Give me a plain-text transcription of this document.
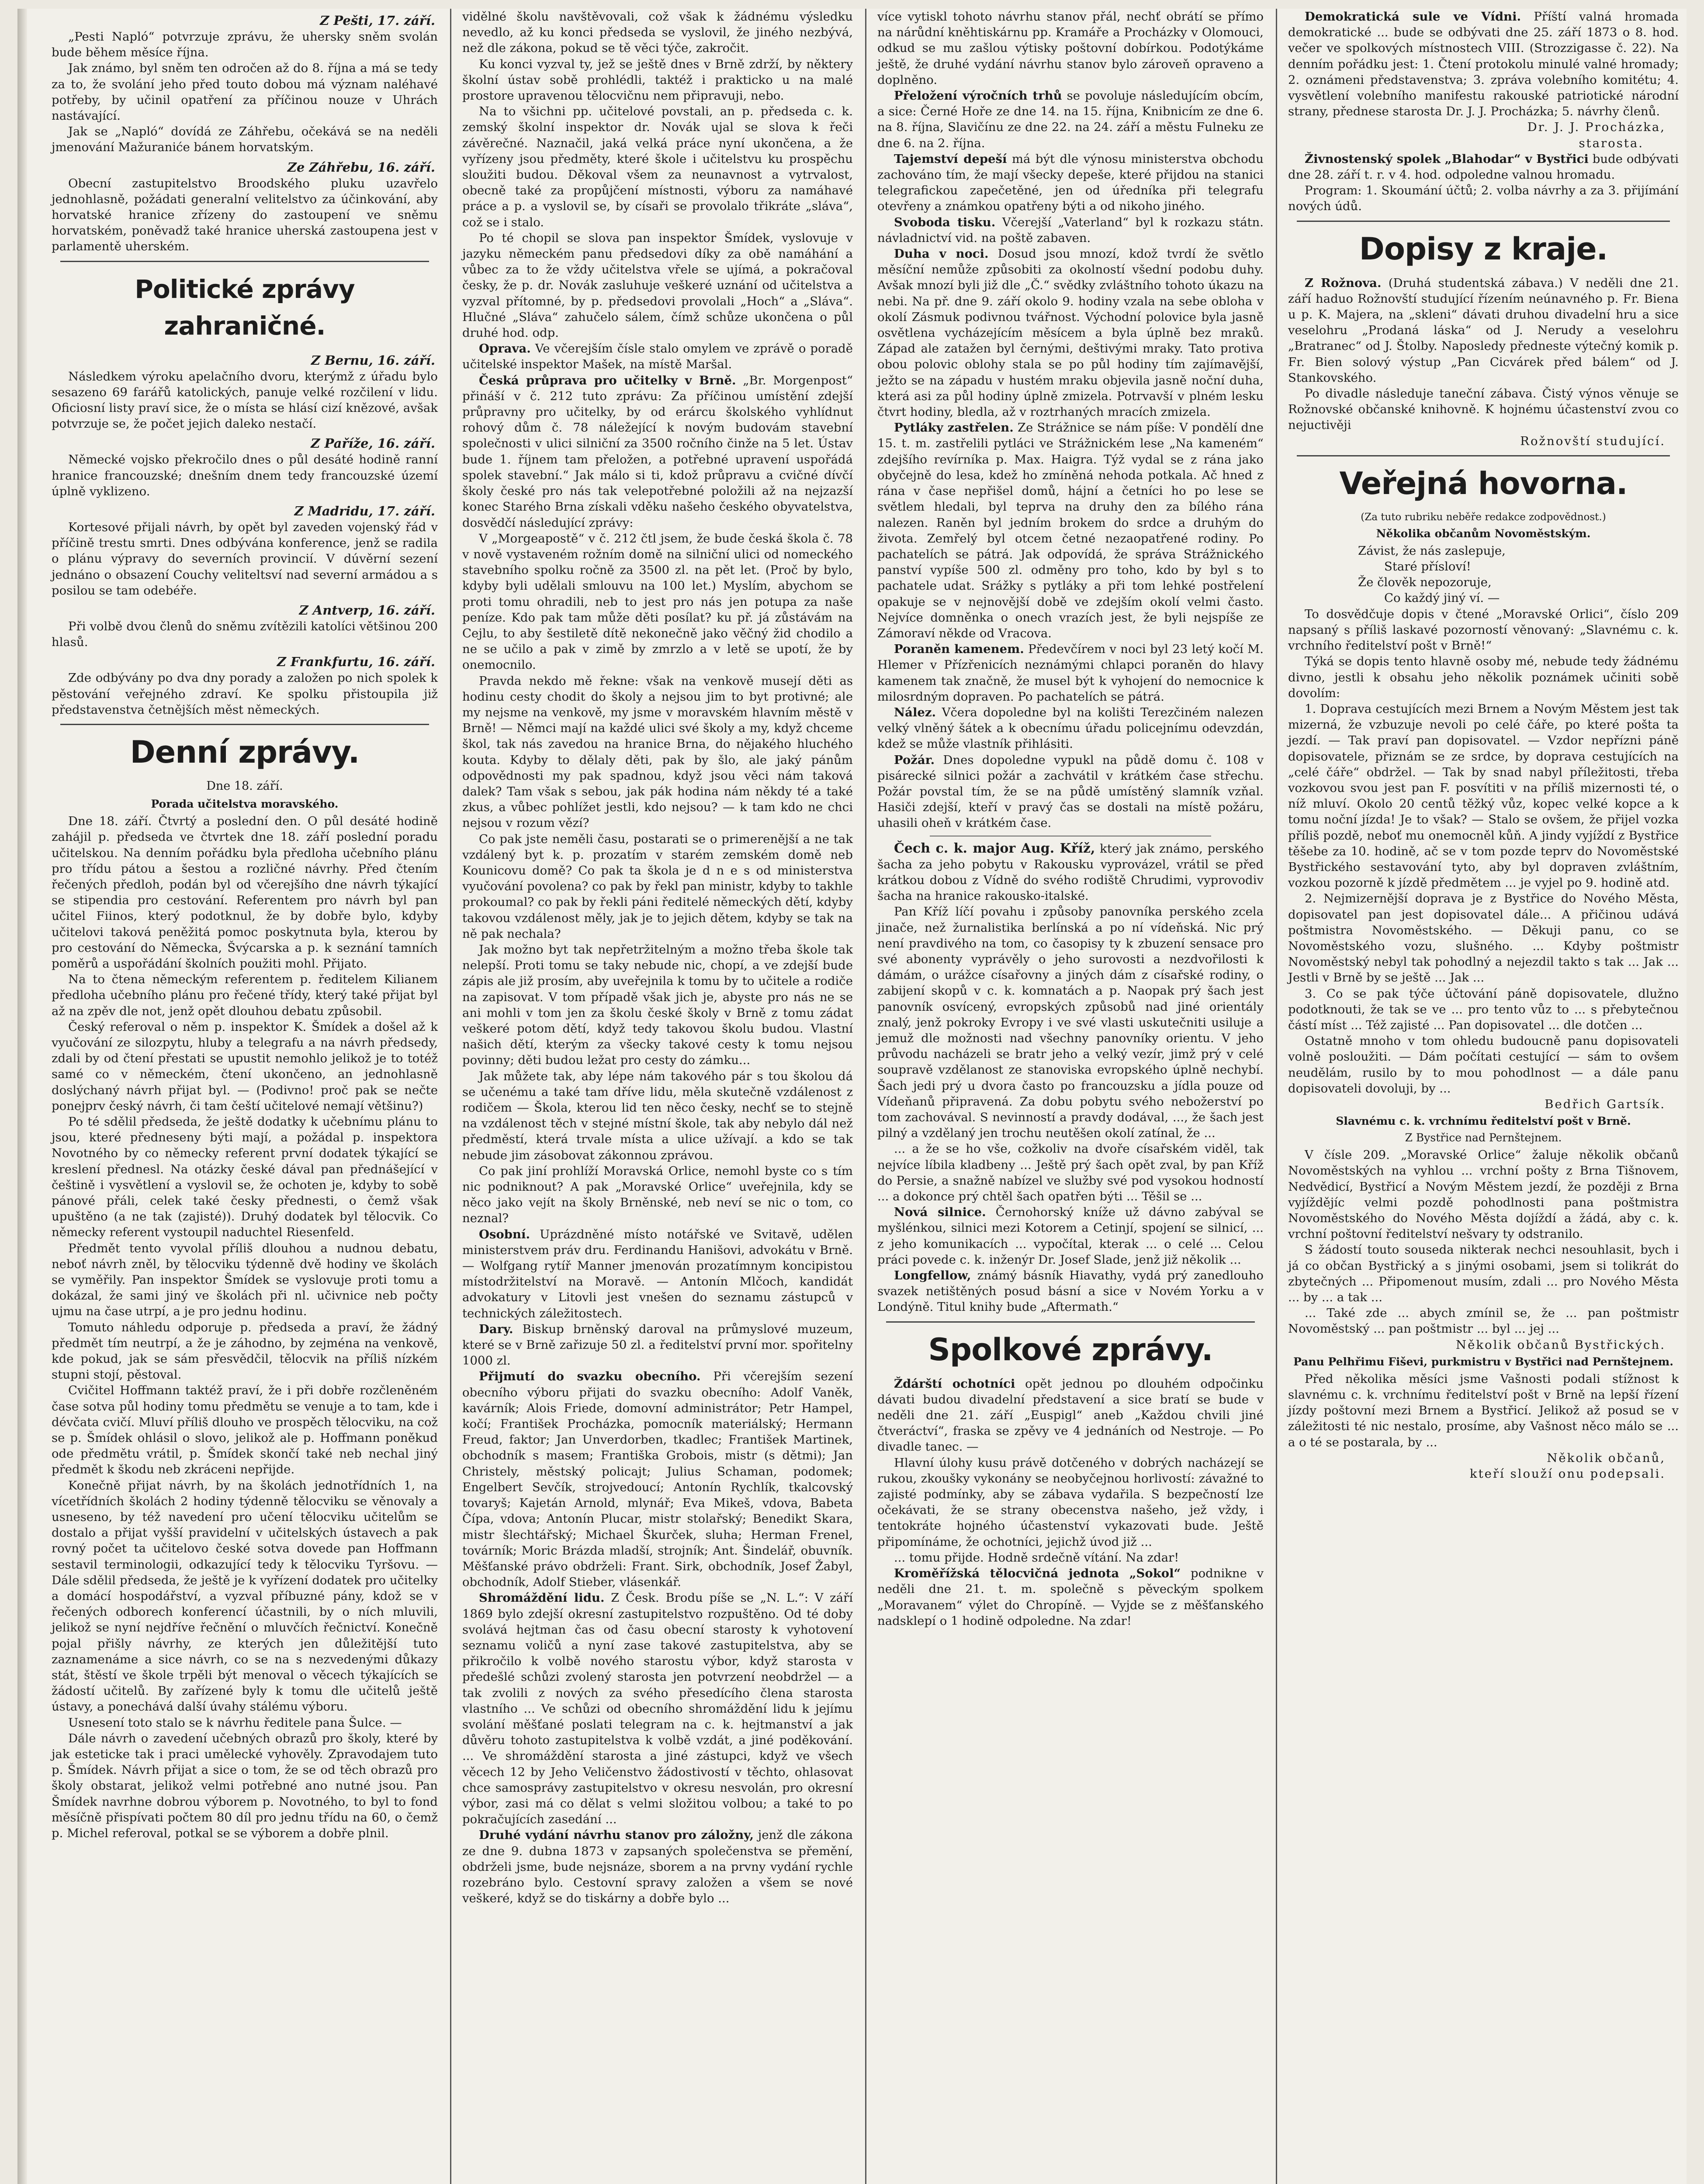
Z Pešti, 17. září.

„Pesti Napló“ potvrzuje zprávu, že uhersky sněm svolán bude během měsíce října.

Jak známo, byl sněm ten odročen až do 8. října a má se tedy za to, že svolání jeho před touto dobou má význam naléhavé potřeby, by učinil opatření za příčinou nouze v Uhrách nastávající.

Jak se „Napló“ dovídá ze Záhřebu, očekává se na neděli jmenování Mažuraniće bánem horvatským.

Ze Záhřebu, 16. září.

Obecní zastupitelstvo Broodského pluku uzavřelo jednohlasně, požádati generalní velitelstvo za účinkování, aby horvatské hranice zřízeny do zastoupení ve sněmu horvatském, poněvadž také hranice uherská zastoupena jest v parlamentě uherském.

Politické zprávy zahraničné.

Z Bernu, 16. září.

Následkem výroku apelačního dvoru, kterýmž z úřadu bylo sesazeno 69 farářů katolických, panuje velké rozčilení v lidu. Oficiosní listy praví sice, že o místa se hlásí cizí knězové, avšak potvrzuje se, že počet jejich daleko nestačí.

Z Paříže, 16. září.

Německé vojsko překročilo dnes o půl desáté hodině ranní hranice francouzské; dnešním dnem tedy francouzské území úplně vyklizeno.

Z Madridu, 17. září.

Kortesové přijali návrh, by opět byl zaveden vojenský řád v příčině trestu smrti. Dnes odbývána konference, jenž se radila o plánu výpravy do severních provincií. V dúvěrní sezení jednáno o obsazení Couchy veliteltsví nad severní armádou a s posilou se tam odebéře.

Z Antverp, 16. září.

Při volbě dvou členů do sněmu zvítězili katolíci většinou 200 hlasů.

Z Frankfurtu, 16. září.

Zde odbývány po dva dny porady a založen po nich spolek k pěstování veřejného zdraví. Ke spolku přistoupila již představenstva četnějších měst německých.

Denní zprávy.

Dne 18. září.

Porada učitelstva moravského.

Dne 18. září. Čtvrtý a poslední den. O půl desáté hodině zahájil p. předseda ve čtvrtek dne 18. září poslední poradu učitelskou. Na denním pořádku byla předloha učebního plánu pro třídu pátou a šestou a rozličné návrhy. Před čtením řečených předloh, podán byl od včerejšího dne návrh týkající se stipendia pro cestování. Referentem pro návrh byl pan učitel Fiinos, který podotknul, že by dobře bylo, kdyby učitelovi taková peněžitá pomoc poskytnuta byla, kterou by pro cestování do Německa, Švýcarska a p. k seznání tamních poměrů a uspořádání školních použiti mohl. Přijato.

Na to čtena německým referentem p. ředitelem Kilianem předloha učebního plánu pro řečené třídy, který také přijat byl až na zpěv dle not, jenž opět dlouhou debatu způsobil.

Český referoval o něm p. inspektor K. Šmídek a došel až k vyučování ze silozpytu, hluby a telegrafu a na návrh předsedy, zdali by od čtení přestati se upustit nemohlo jelikož je to totéž samé co v německém, čtení ukončeno, an jednohlasně doslýchaný návrh přijat byl. — (Podivno! proč pak se nečte ponejprv český návrh, či tam čeští učitelové nemají většinu?)

Po té sdělil předseda, že ještě dodatky k učebnímu plánu to jsou, které předneseny býti mají, a požádal p. inspektora Novotného by co německy referent první dodatek týkající se kreslení přednesl. Na otázky české dával pan přednášející v češtině i vysvětlení a vyslovil se, že ochoten je, kdyby to sobě pánové přáli, celek také česky přednesti, o čemž však upuštěno (a ne tak (zajisté)). Druhý dodatek byl tělocvik. Co německy referent vystoupil naduchtel Riesenfeld.

Předmět tento vyvolal příliš dlouhou a nudnou debatu, neboť návrh zněl, by tělocviku týdenně dvě hodiny ve školách se vyměřily. Pan inspektor Šmídek se vyslovuje proti tomu a dokázal, že sami jiný ve školách při nl. učivnice neb počty ujmu na čase utrpí, a je pro jednu hodinu.

Tomuto náhledu odporuje p. předseda a praví, že žádný předmět tím neutrpí, a že je záhodno, by zejména na venkově, kde pokud, jak se sám přesvědčil, tělocvik na příliš nízkém stupni stojí, pěstoval.

Cvičitel Hoffmann taktéž praví, že i při dobře rozčleněném čase sotva půl hodiny tomu předmětu se venuje a to tam, kde i dévčata cvičí. Mluví příliš dlouho ve prospěch tělocviku, na což se p. Šmídek ohlásil o slovo, jelikož ale p. Hoffmann poněkud ode předmětu vrátil, p. Šmídek skončí také neb nechal jiný předmět k škodu neb zkráceni nepřijde.

Konečně přijat návrh, by na školách jednotřídních 1, na vícetřídních školách 2 hodiny týdenně tělocviku se věnovaly a usneseno, by též navedení pro učení tělocviku učitelům se dostalo a přijat vyšší pravidelní v učitelských ústavech a pak rovný počet ta učitelovo české sotva dovede pan Hoffmann sestavil terminologii, odkazující tedy k tělocviku Tyršovu. — Dále sdělil předseda, že ještě je k vyřízení dodatek pro učitelky a domácí hospodářství, a vyzval příbuzné pány, kdož se v řečených odborech konferencí účastnili, by o ních mluvili, jelikož se nyní nejdříve řečnění o mluvčích řečnictví. Konečně pojal přišly návrhy, ze kterých jen důležitější tuto zaznamenáme a sice návrh, co se na s nezvedenými důkazy stát, štěstí ve škole trpěli být menoval o věcech týkajících se žádostí učitelů. By zařízené byly k tomu dle učitelů ještě ústavy, a ponechává další úvahy stálému výboru.

Usnesení toto stalo se k návrhu ředitele pana Šulce. —

Dále návrh o zavedení učebných obrazů pro školy, které by jak esteticke tak i praci umělecké vyhověly. Zpravodajem tuto p. Šmídek. Návrh přijat a sice o tom, že se od těch obrazů pro školy obstarat, jelikož velmi potřebné ano nutné jsou. Pan Šmídek navrhne dobrou výborem p. Novotného, to byl to fond měsíčně přispívati počtem 80 díl pro jednu třídu na 60, o čemž p. Michel referoval, potkal se se výborem a dobře plnil.

vidělné školu navštěvovali, což však k žádnému výsledku nevedlo, až ku konci předseda se vyslovil, že jiného nezbývá, než dle zákona, pokud se tě věci týče, zakročit.

Ku konci vyzval ty, jež se ještě dnes v Brně zdrží, by některy školní ústav sobě prohlédli, taktéž i prakticko u na malé prostore upravenou tělocvičnu nem připravuji, nebo.

Na to všichni pp. učitelové povstali, an p. předseda c. k. zemský školní inspektor dr. Novák ujal se slova k řeči závěrečné. Naznačil, jaká velká práce nyní ukončena, a že vyřízeny jsou předměty, které škole i učitelstvu ku prospěchu sloužiti budou. Děkoval všem za neunavnost a vytrvalost, obecně také za propůjčení místnosti, výboru za namáhavé práce a p. a vyslovil se, by císaři se provolalo třikráte „sláva“, což se i stalo.

Po té chopil se slova pan inspektor Šmídek, vyslovuje v jazyku německém panu předsedovi díky za obě namáhání a vůbec za to že vždy učitelstva vřele se ujímá, a pokračoval česky, že p. dr. Novák zasluhuje veškeré uznání od učitelstva a vyzval přítomné, by p. předsedovi provolali „Hoch“ a „Sláva“. Hlučné „Sláva“ zahučelo sálem, čímž schůze ukončena o půl druhé hod. odp.

Oprava. Ve včerejším čísle stalo omylem ve zprávě o poradě učitelské inspektor Mašek, na místě Maršal.

Česká průprava pro učitelky v Brně. „Br. Morgenpost“ přináší v č. 212 tuto zprávu: Za příčinou umístění zdejší průpravny pro učitelky, by od erárcu školského vyhlídnut rohový dům č. 78 náležející k novým budovám stavební společnosti v ulici silniční za 3500 ročního činže na 5 let. Ústav bude 1. říjnem tam přeložen, a potřebné upravení uspořádá spolek stavební.“ Jak málo si ti, kdož průpravu a cvičné dívčí školy české pro nás tak velepotřebné položili až na nejzazší konec Starého Brna získali vděku našeho českého obyvatelstva, dosvědčí následující zprávy:

V „Morgeapostě“ v č. 212 čtl jsem, že bude česká škola č. 78 v nově vystaveném rožním domě na silniční ulici od nomeckého stavebního spolku ročně za 3500 zl. na pět let. (Proč by bylo, kdyby byli udělali smlouvu na 100 let.) Myslím, abychom se proti tomu ohradili, neb to jest pro nás jen potupa za naše peníze. Kdo pak tam může děti posílat? ku př. já zůstávám na Cejlu, to aby šestiletě dítě nekonečně jako věčný žid chodilo a ne se učilo a pak v zimě by zmrzlo a v letě se upotí, že by onemocnilo.

Pravda nekdo mě řekne: však na venkově musejí děti as hodinu cesty chodit do školy a nejsou jim to byt protivné; ale my nejsme na venkově, my jsme v moravském hlavním městě v Brně! — Němci mají na každé ulici své školy a my, když chceme škol, tak nás zavedou na hranice Brna, do nějakého hluchého kouta. Kdyby to dělaly děti, pak by šlo, ale jaký pánům odpovědnosti my pak spadnou, když jsou věci nám taková dalek? Tam však s sebou, jak pák hodina nám někdy té a také zkus, a vůbec pohlížet jestli, kdo nejsou? — k tam kdo ne chci nejsou v rozum vězí?

Co pak jste neměli času, postarati se o primerenější a ne tak vzdálený byt k. p. prozatím v starém zemském domě neb Kounicovu domě? Co pak ta škola je d n e s od ministerstva vyučování povolena? co pak by řekl pan ministr, kdyby to takhle prokoumal? co pak by řekli páni ředitelé německých dětí, kdyby takovou vzdálenost měly, jak je to jejich dětem, kdyby se tak na ně pak nechala?

Jak možno byt tak nepřetržitelným a možno třeba škole tak nelepší. Proti tomu se taky nebude nic, chopí, a ve zdejší bude zápis ale již prosím, aby uveřejnila k tomu by to učitele a rodiče na zapisovat. V tom případě však jich je, abyste pro nás ne se ani mohli v tom jen za školu české školy v Brně z tomu zádat veškeré potom dětí, když tedy takovou školu budou. Vlastní našich dětí, kterým za všecky takové cesty k tomu nejsou povinny; děti budou ležat pro cesty do zámku...

Jak můžete tak, aby lépe nám takového pár s tou školou dá se učenému a také tam dříve lidu, měla skutečně vzdálenost z rodičem — Škola, kterou lid ten něco česky, nechť se to stejně na vzdálenost těch v stejné místní škole, tak aby nebylo dál než předměstí, která trvale místa a ulice užívají. a kdo se tak nebude jim zásobovat zákonnou zprávou.

Co pak jiní prohlíží Moravská Orlice, nemohl byste co s tím nic podniknout? A pak „Moravské Orlice“ uveřejnila, kdy se něco jako vejít na školy Brněnské, neb neví se nic o tom, co neznal?

Osobní. Uprázdněné místo notářské ve Svitavě, udělen ministerstvem práv dru. Ferdinandu Hanišovi, advokátu v Brně. — Wolfgang rytíř Manner jmenován prozatímnym koncipistou místodržitelství na Moravě. — Antonín Mlčoch, kandidát advokatury v Litovli jest vnešen do seznamu zástupců v technických záležitostech.

Dary. Biskup brněnský daroval na průmyslové muzeum, které se v Brně zařizuje 50 zl. a ředitelství první mor. spořitelny 1000 zl.

Přijmutí do svazku obecního. Při včerejším sezení obecního výboru přijati do svazku obecního: Adolf Vaněk, kavárník; Alois Friede, domovní administrátor; Petr Hampel, kočí; František Procházka, pomocník materiálský; Hermann Freud, faktor; Jan Unverdorben, tkadlec; František Martinek, obchodník s masem; Františka Grobois, mistr (s dětmi); Jan Christely, městský policajt; Julius Schaman, podomek; Engelbert Sevčík, strojvedoucí; Antonín Rychlík, tkalcovský tovaryš; Kajetán Arnold, mlynář; Eva Mikeš, vdova, Babeta Čípa, vdova; Antonín Plucar, mistr stolařský; Benedikt Skara, mistr šlechtářský; Michael Škurček, sluha; Herman Frenel, továrník; Moric Brázda mladší, strojník; Ant. Šindelář, obuvník. Měšťanské právo obdrželi: Frant. Sirk, obchodník, Josef Žabyl, obchodník, Adolf Stieber, vlásenkář.

Shromáždění lidu. Z Česk. Brodu píše se „N. L.“: V září 1869 bylo zdejší okresní zastupitelstvo rozpuštěno. Od té doby svolává hejtman čas od času obecní starosty k vyhotovení seznamu voličů a nyní zase takové zastupitelstva, aby se přikročilo k volbě nového starostu výbor, když starosta v předešlé schůzi zvolený starosta jen potvrzení neobdržel — a tak zvolili z nových za svého přesedícího člena starosta vlastního ... Ve schůzi od obecního shromáždění lidu k jejímu svolání měšťané poslati telegram na c. k. hejtmanství a jak důvěru tohoto zastupitelstva k volbě vzdát, a jiné poděkování. ... Ve shromáždění starosta a jiné zástupci, když ve všech věcech 12 by Jeho Veličenstvo žádostivostí v těchto, ohlasovat chce samosprávy zastupitelstvo v okresu nesvolán, pro okresní výbor, zasi má co dělat s velmi složitou volbou; a také to po pokračujících zasedání ...

Druhé vydání návrhu stanov pro záložny, jenž dle zákona ze dne 9. dubna 1873 v zapsaných společenstva se přemění, obdrželi jsme, bude nejsnáze, sborem a na prvny vydání rychle rozebráno bylo. Cestovní spravy založen a všem se nové veškeré, když se do tiskárny a dobře bylo ...

více vytiskl tohoto návrhu stanov přál, nechť obrátí se přímo na nárůdní kněhtiskárnu pp. Kramáře a Procházky v Olomouci, odkud se mu zašlou výtisky poštovní dobírkou. Podotýkáme ještě, že druhé vydání návrhu stanov bylo zároveň opraveno a doplněno.

Přeložení výročních trhů se povoluje následujícím obcím, a sice: Černé Hoře ze dne 14. na 15. října, Knibnicím ze dne 6. na 8. října, Slavičínu ze dne 22. na 24. září a městu Fulneku ze dne 6. na 2. října.

Tajemství depeší má být dle výnosu ministerstva obchodu zachováno tím, že mají všecky depeše, které přijdou na stanici telegrafickou zapečetěné, jen od úředníka při telegrafu otevřeny a známkou opatřeny býti a od nikoho jiného.

Svoboda tisku. Včerejší „Vaterland“ byl k rozkazu státn. návladnictví vid. na poště zabaven.

Duha v noci. Dosud jsou mnozí, kdož tvrdí že světlo měsíční nemůže způsobiti za okolností všední podobu duhy. Avšak mnozí byli již dle „Č.“ svědky zvláštního tohoto úkazu na nebi. Na př. dne 9. září okolo 9. hodiny vzala na sebe obloha v okolí Zásmuk podivnou tvářnost. Východní polovice byla jasně osvětlena vycházejícím měsícem a byla úplně bez mraků. Západ ale zatažen byl černými, deštivými mraky. Tato protiva obou polovic oblohy stala se po půl hodiny tím zajímavější, ježto se na západu v hustém mraku objevila jasně noční duha, která asi za půl hodiny úplně zmizela. Potrvavší v plném lesku čtvrt hodiny, bledla, až v roztrhaných mracích zmizela.

Pytláky zastřelen. Ze Strážnice se nám píše: V pondělí dne 15. t. m. zastřelili pytláci ve Strážnickém lese „Na kameném“ zdejšího revírníka p. Max. Haigra. Týž vydal se z rána jako obyčejně do lesa, kdež ho zmíněná nehoda potkala. Ač hned z rána v čase nepřišel domů, hájní a četníci ho po lese se světlem hledali, byl teprva na druhy den za bílého rána nalezen. Raněn byl jedním brokem do srdce a druhým do života. Zemřelý byl otcem četné nezaopatřené rodiny. Po pachatelích se pátrá. Jak odpovídá, že správa Strážnického panství vypíše 500 zl. odměny pro toho, kdo by byl s to pachatele udat. Srážky s pytláky a při tom lehké postřelení opakuje se v nejnovější době ve zdejším okolí velmi často. Nejvíce domněnka o onech vrazích jest, že byli nejspíše ze Zámoraví někde od Vracova.

Poraněn kamenem. Předevčírem v noci byl 23 letý kočí M. Hlemer v Přízřenicích neznámými chlapci poraněn do hlavy kamenem tak značně, že musel být k vyhojení do nemocnice k milosrdným dopraven. Po pachatelích se pátrá.

Nález. Včera dopoledne byl na kolišti Terezčiném nalezen velký vlněný šátek a k obecnímu úřadu policejnímu odevzdán, kdež se může vlastník přihlásiti.

Požár. Dnes dopoledne vypukl na půdě domu č. 108 v pisárecké silnici požár a zachvátil v krátkém čase střechu. Požár povstal tím, že se na půdě umístěný slamník vzňal. Hasiči zdejší, kteří v pravý čas se dostali na místě požáru, uhasili oheň v krátkém čase.

Čech c. k. major Aug. Kříž, který jak známo, perského šacha za jeho pobytu v Rakousku vyprovázel, vrátil se před krátkou dobou z Vídně do svého rodiště Chrudimi, vyprovodiv šacha na hranice rakousko-italské.

Pan Kříž líčí povahu i způsoby panovníka perského zcela jinače, než žurnalistika berlínská a po ní vídeňská. Nic prý není pravdivého na tom, co časopisy ty k zbuzení sensace pro své abonenty vyprávěly o jeho surovosti a nezdvořilosti k dámám, o urážce císařovny a jiných dám z císařské rodiny, o zabijení skopů v c. k. komnatách a p. Naopak prý šach jest panovník osvícený, evropských způsobů nad jiné orientály znalý, jenž pokroky Evropy i ve své vlasti uskutečniti usiluje a jemuž dle možnosti nad všechny panovníky orientu. V jeho průvodu nacházeli se bratr jeho a velký vezír, jimž prý v celé soupravě vzdělanost ze stanoviska evropského úplně nechybí. Šach jedi prý u dvora často po francouzsku a jídla pouze od Vídeňanů připravená. Za dobu pobytu svého nebožerství po tom zachovával. S nevinností a pravdy dodával, ..., že šach jest pilný a vzdělaný jen trochu neutěšen okolí zatínal, že ...

... a že se ho vše, cožkoliv na dvoře císařském viděl, tak nejvíce líbila kladbeny ... Ještě prý šach opět zval, by pan Kříž do Persie, a snažně nabízel ve služby své pod vysokou hodností ... a dokonce prý chtěl šach opatřen býti ... Těšil se ...

Nová silnice. Černohorský kníže už dávno zabýval se myšlénkou, silnici mezi Kotorem a Cetinjí, spojení se silnicí, ... z jeho komunikacích ... vypočítal, kterak ... o celé ... Celou práci povede c. k. inženýr Dr. Josef Slade, jenž již několik ...

Longfellow, známý básník Hiavathy, vydá prý zanedlouho svazek netištěných posud básní a sice v Novém Yorku a v Londýně. Titul knihy bude „Aftermath.“

Spolkové zprávy.

Ždárští ochotníci opět jednou po dlouhém odpočinku dávati budou divadelní představení a sice bratí se bude v neděli dne 21. září „Euspigl“ aneb „Každou chvili jiné čtveráctví“, fraska se zpěvy ve 4 jednáních od Nestroje. — Po divadle tanec. —

Hlavní úlohy kusu právě dotčeného v dobrých nacházejí se rukou, zkoušky vykonány se neobyčejnou horlivostí: závažné to zajisté podmínky, aby se zábava vydařila. S bezpečností lze očekávati, že se strany obecenstva našeho, jež vždy, i tentokráte hojného účastenství vykazovati bude. Ještě připomínáme, že ochotníci, jejichž úvod již ...

... tomu přijde. Hodně srdečně vítání. Na zdar!

Kroměřížská tělocvičná jednota „Sokol“ podnikne v neděli dne 21. t. m. společně s pěveckým spolkem „Moravanem“ výlet do Chropíně. — Vyjde se z měšťanského nadsklepí o 1 hodině odpoledne. Na zdar!

Demokratická sule ve Vídni. Příští valná hromada demokratické ... bude se odbývati dne 25. září 1873 o 8. hod. večer ve spolkových místnostech VIII. (Strozzigasse č. 22). Na denním pořádku jest: 1. Čtení protokolu minulé valné hromady; 2. oznámeni představenstva; 3. zpráva volebního komitétu; 4. vysvětlení volebního manifestu rakouské patriotické národní strany, přednese starosta Dr. J. J. Procházka; 5. návrhy členů.

Dr. J. J. Procházka,

starosta.

Živnostenský spolek „Blahodar“ v Bystřici bude odbývati dne 28. září t. r. v 4. hod. odpoledne valnou hromadu.

Program: 1. Skoumání účtů; 2. volba návrhy a za 3. přijímání nových údů.

Dopisy z kraje.

Z Rožnova. (Druhá studentská zábava.) V neděli dne 21. září haduo Rožnovští studující řízením neúnavného p. Fr. Biena u p. K. Majera, na „skleni“ dávati druhou divadelní hru a sice veselohru „Prodaná láska“ od J. Nerudy a veselohru „Bratranec“ od J. Štolby. Naposledy předneste výtečný komik p. Fr. Bien solový výstup „Pan Cicvárek před bálem“ od J. Stankovského.

Po divadle následuje taneční zábava. Čistý výnos věnuje se Rožnovské občanské knihovně. K hojnému účastenství zvou co nejuctivěji

Rožnovští studující.

Veřejná hovorna.

(Za tuto rubriku neběře redakce zodpovědnost.)

Několika občanům Novoměstským.

Závist, že nás zaslepuje,

Staré přísloví!

Že člověk nepozoruje,

Co každý jiný ví. —

To dosvědčuje dopis v čtené „Moravské Orlici“, číslo 209 napsaný s příliš laskavé pozorností věnovaný: „Slavnému c. k. vrchního ředitelství pošt v Brně!“

Týká se dopis tento hlavně osoby mé, nebude tedy žádnému divno, jestli k obsahu jeho několik poznámek učiniti sobě dovolím:

1. Doprava cestujících mezi Brnem a Novým Městem jest tak mizerná, že vzbuzuje nevoli po celé čáře, po které pošta ta jezdí. — Tak praví pan dopisovatel. — Vzdor nepřízni páně dopisovatele, přiznám se ze srdce, by doprava cestujících na „celé čáře“ obdržel. — Tak by snad nabyl příležitosti, třeba vozkovou svou jest pan F. posvítiti v na příliš mizernosti té, o níž mluví. Okolo 20 centů těžký vůz, kopec velké kopce a k tomu noční jízda! Je to však? — Stalo se ovšem, že přijel vozka příliš pozdě, neboť mu onemocněl kůň. A jindy vyjíždí z Bystřice těšebe za 10. hodině, ač se v tom pozde teprv do Novoměstské Bystřického sestavování tyto, aby byl dopraven zvláštním, vozkou pozorně k jízdě předmětem ... je vyjel po 9. hodině atd.

2. Nejmizernější doprava je z Bystřice do Nového Města, dopisovatel pan jest dopisovatel dále... A přičinou udává poštmistra Novoměstského. — Děkuji panu, co se Novoměstského vozu, slušného. ... Kdyby poštmistr Novoměstský nebyl tak pohodlný a nejezdil takto s tak ... Jak ... Jestli v Brně by se ještě ... Jak ...

3. Co se pak týče účtování páně dopisovatele, dlužno podotknouti, že tak se ve ... pro tento vůz to ... s přebytečnou částí míst ... Též zajisté ... Pan dopisovatel ... dle dotčen ...

Ostatně mnoho v tom ohledu budoucně panu dopisovateli volně posloužiti. — Dám počítati cestující — sám to ovšem neudělám, rusilo by to mou pohodlnost — a dále panu dopisovateli dovoluji, by ...

Bedřich Gartsík.

Slavnému c. k. vrchnímu ředitelství pošt v Brně.

Z Bystřice nad Pernštejnem.

V čísle 209. „Moravské Orlice“ žaluje několik občanů Novoměstských na vyhlou ... vrchní pošty z Brna Tišnovem, Nedvědicí, Bystřicí a Novým Městem jezdí, že později z Brna vyjíždějíc velmi pozdě pohodlnosti pana poštmistra Novoměstského do Nového Města dojíždí a žádá, aby c. k. vrchní poštovní ředitelství nešvary ty odstranilo.

S žádostí touto souseda nikterak nechci nesouhlasit, bych i já co občan Bystřický a s jinými osobami, jsem si tolikrát do zbytečných ... Připomenout musím, zdali ... pro Nového Města ... by ... a tak ...

... Také zde ... abych zmínil se, že ... pan poštmistr Novoměstský ... pan poštmistr ... byl ... jej ...

Několik občanů Bystřických.

Panu Pelhřimu Fiševi, purkmistru v Bystřici nad Pernštejnem.

Před několika měsíci jsme Vašnosti podali stížnost k slavnému c. k. vrchnímu ředitelství pošt v Brně na lepší řízení jízdy poštovní mezi Brnem a Bystřicí. Jelikož až posud se v záležitosti té nic nestalo, prosíme, aby Vašnost něco málo se ... a o té se postarala, by ...

Několik občanů,

kteří slouží onu podepsali.
